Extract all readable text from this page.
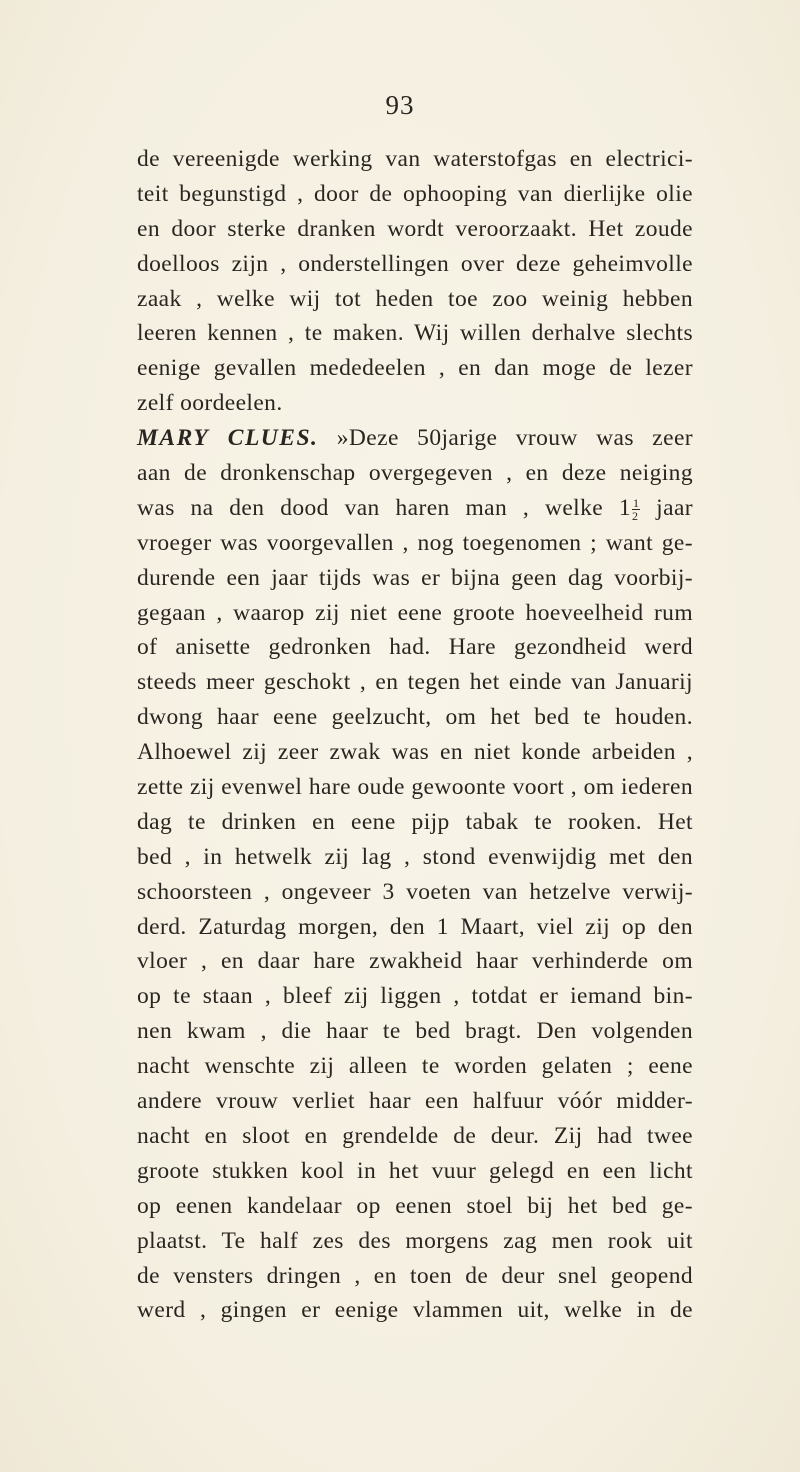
93
de vereenigde werking van waterstofgas en electrici-
teit begunstigd , door de ophooping van dierlijke olie
en door sterke dranken wordt veroorzaakt. Het zoude
doelloos zijn , onderstellingen over deze geheimvolle
zaak , welke wij tot heden toe zoo weinig hebben
leeren kennen , te maken. Wij willen derhalve slechts
eenige gevallen mededeelen , en dan moge de lezer
zelf oordeelen.
MARY CLUES. »Deze 50jarige vrouw was zeer
aan de dronkenschap overgegeven , en deze neiging
was na den dood van haren man , welke $1 \frac{1}{2}$ jaar
vroeger was voorgevallen , nog toegenomen ; want ge-
durende een jaar tijds was er bijna geen dag voorbij-
gegaan , waarop zij niet eene groote hoeveelheid rum
of anisette gedronken had. Hare gezondheid werd
steeds meer geschokt , en tegen het einde van Januarij
dwong haar eene geelzucht, om het bed te houden.
Alhoewel zij zeer zwak was en niet konde arbeiden ,
zette zij evenwel hare oude gewoonte voort , om iederen
dag te drinken en eene pijp tabak te rooken. Het
bed , in hetwelk zij lag , stond evenwijdig met den
schoorsteen , ongeveer 3 voeten van hetzelve verwij-
derd. Zaturdag morgen, den 1 Maart, viel zij op den
vloer , en daar hare zwakheid haar verhinderde om
op te staan , bleef zij liggen , totdat er iemand bin-
nen kwam , die haar te bed bragt. Den volgenden
nacht wenschte zij alleen te worden gelaten ; eene
andere vrouw verliet haar een halfuur vóór midder-
nacht en sloot en grendelde de deur. Zij had twee
groote stukken kool in het vuur gelegd en een licht
op eenen kandelaar op eenen stoel bij het bed ge-
plaatst. Te half zes des morgens zag men rook uit
de vensters dringen , en toen de deur snel geopend
werd , gingen er eenige vlammen uit, welke in de
